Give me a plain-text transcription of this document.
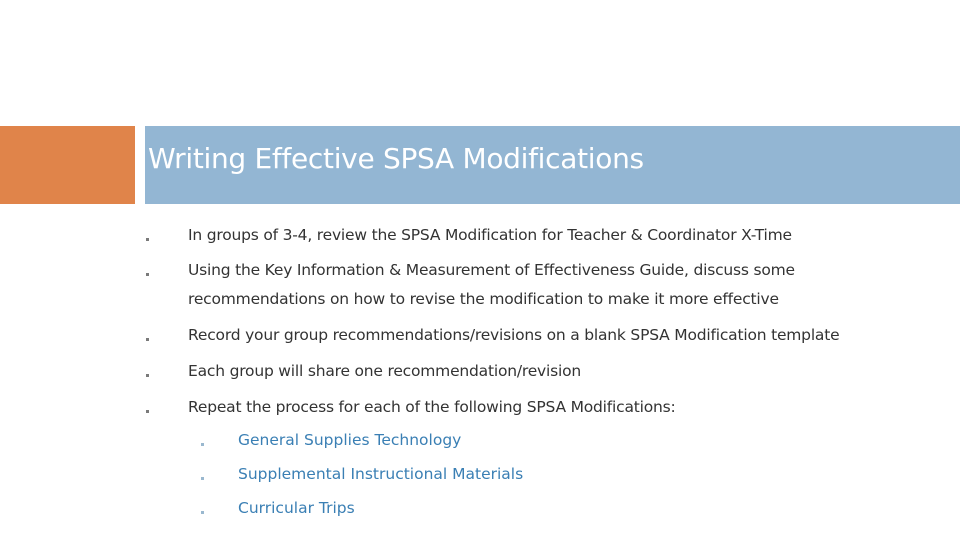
Writing Effective SPSA Modifications
In groups of 3-4, review the SPSA Modification for Teacher & Coordinator X-Time
Using the Key Information & Measurement of Effectiveness Guide, discuss some
recommendations on how to revise the modification to make it more effective
Record your group recommendations/revisions on a blank SPSA Modification template
Each group will share one recommendation/revision
Repeat the process for each of the following SPSA Modifications:
General Supplies Technology
Supplemental Instructional Materials
Curricular Trips
